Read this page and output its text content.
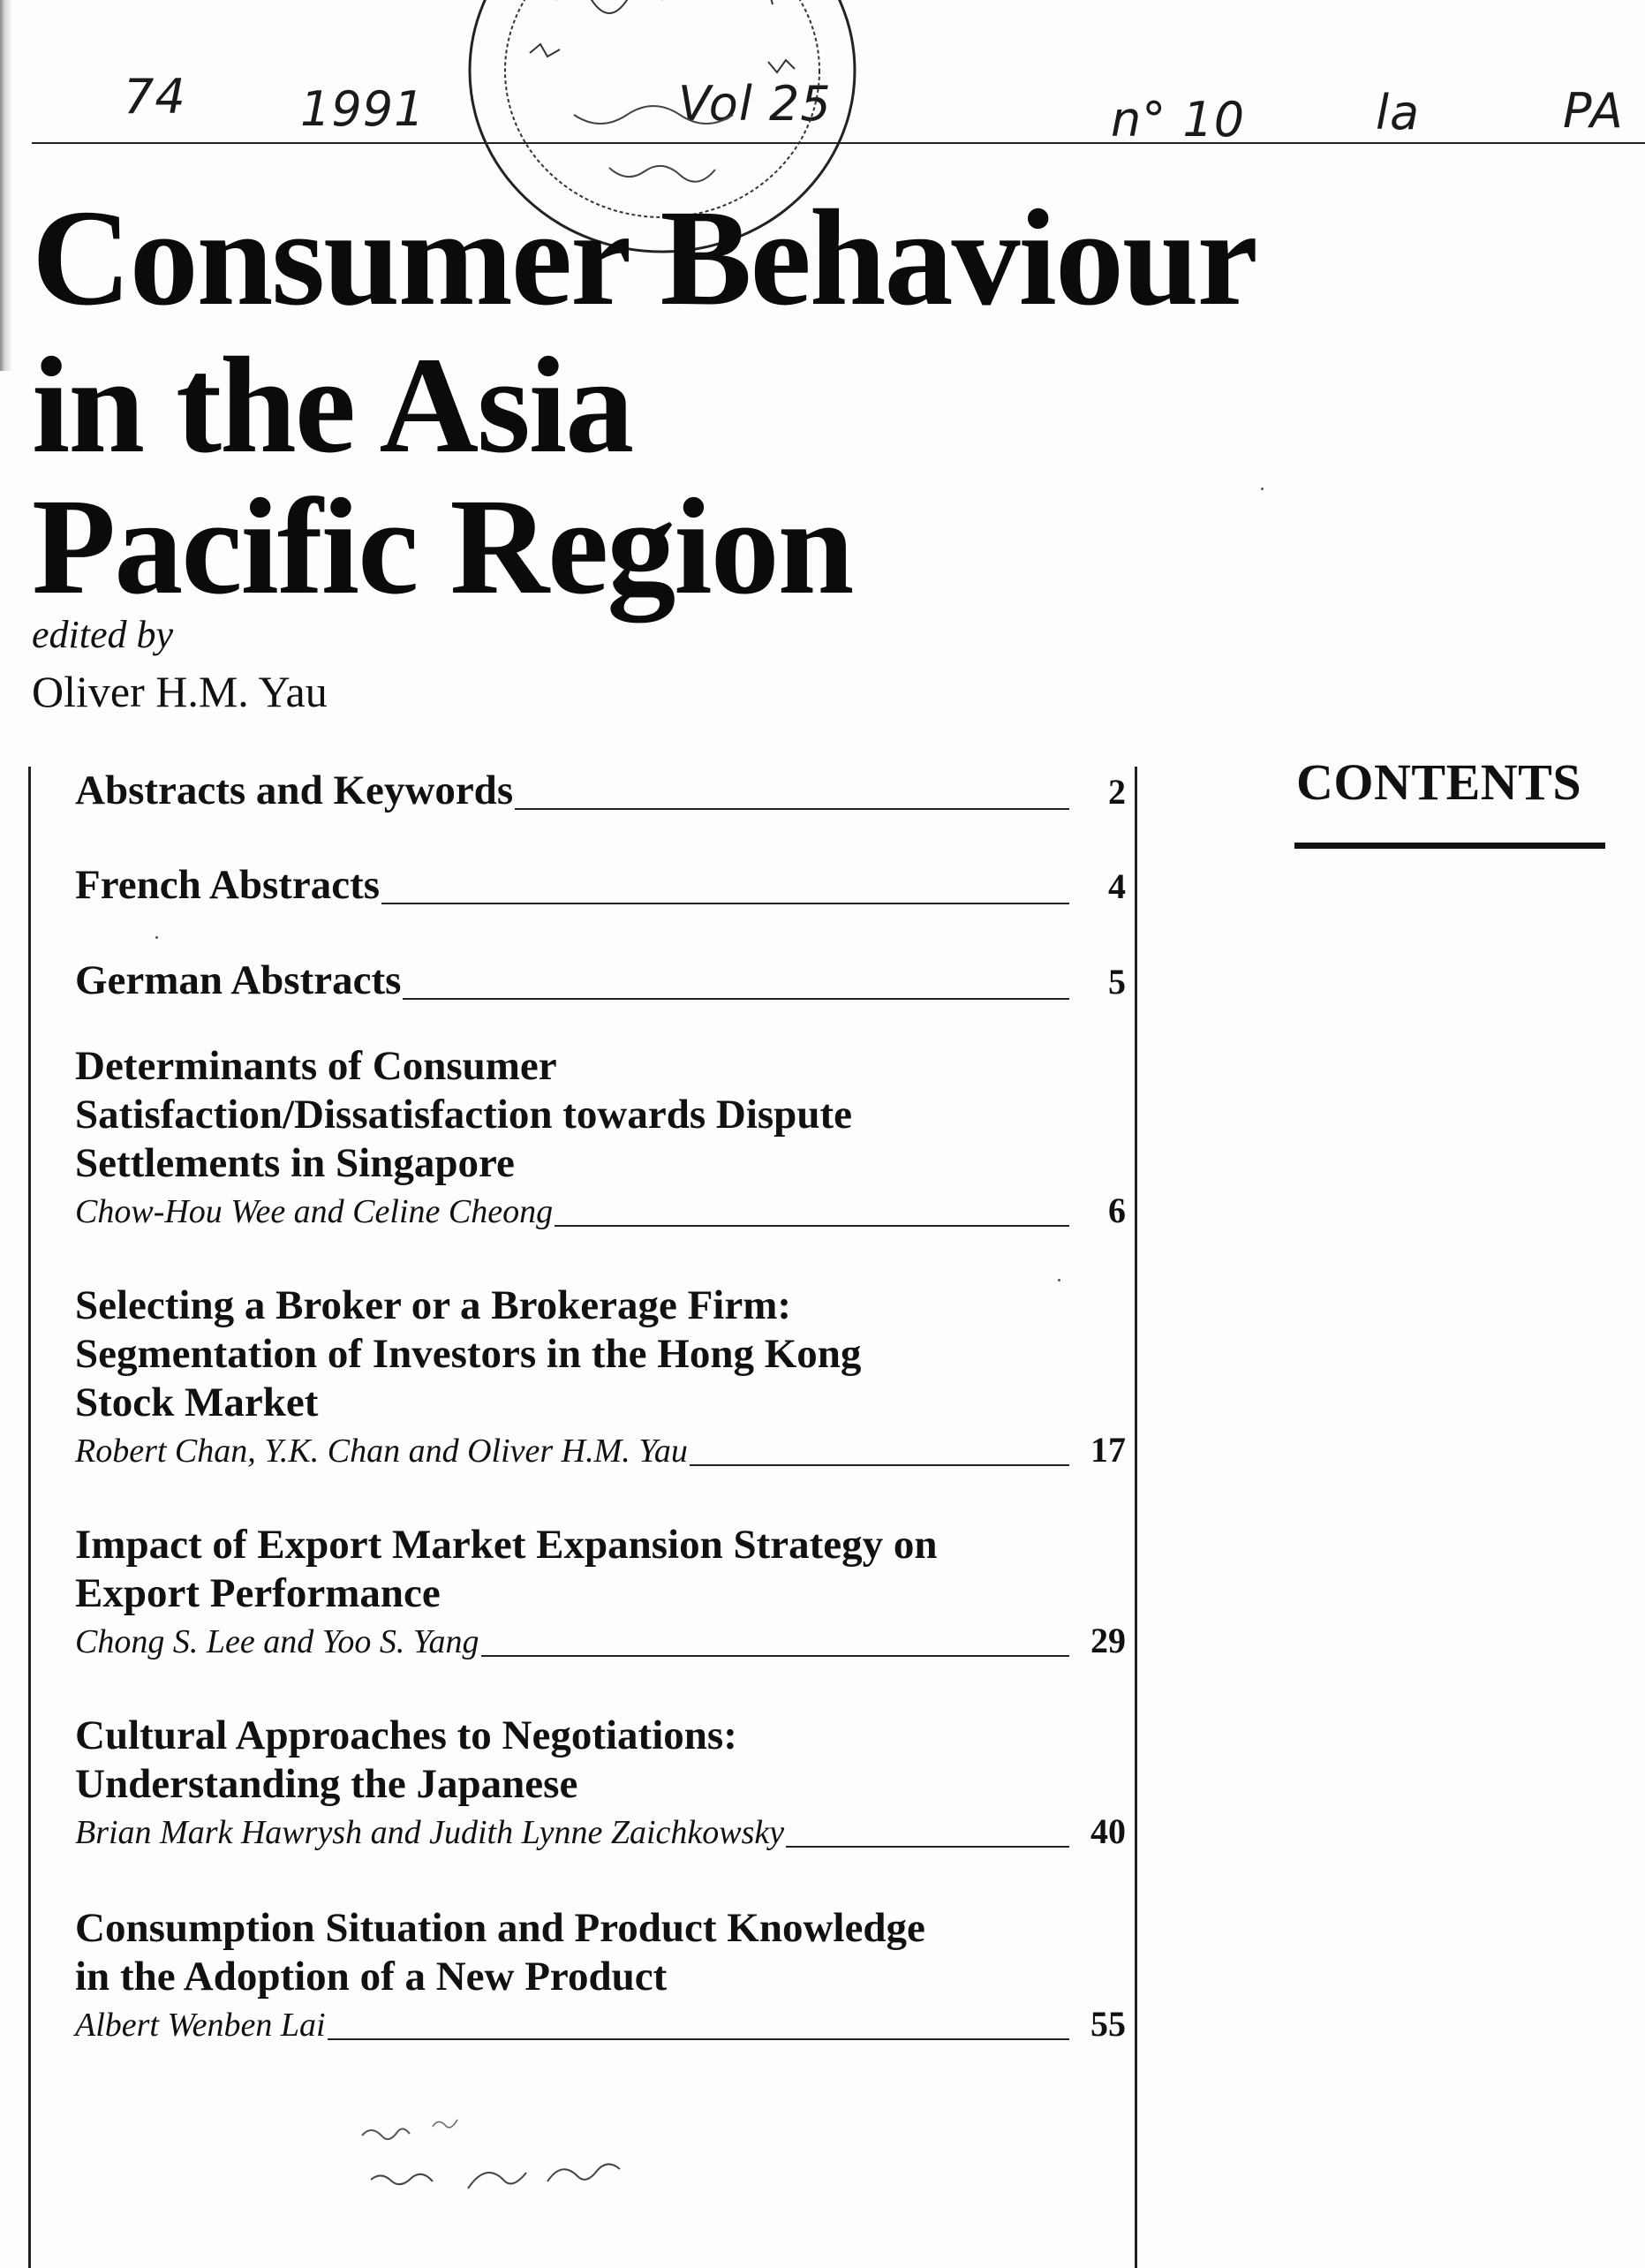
74 1991	Vol 25	n° 10	la	PA
Consumer Behaviour
in the Asia
Pacific Region
edited by
Oliver H.M. Yau
CONTENTS
Abstracts and Keywords	2
French Abstracts	4
German Abstracts	5
Determinants of Consumer
Satisfaction/Dissatisfaction towards Dispute
Settlements in Singapore
Chow-Hou Wee and Celine Cheong	6
Selecting a Broker or a Brokerage Firm:
Segmentation of Investors in the Hong Kong
Stock Market
Robert Chan, Y.K. Chan and Oliver H.M. Yau	17
Impact of Export Market Expansion Strategy on
Export Performance
Chong S. Lee and Yoo S. Yang	29
Cultural Approaches to Negotiations:
Understanding the Japanese
Brian Mark Hawrysh and Judith Lynne Zaichkowsky	40
Consumption Situation and Product Knowledge
in the Adoption of a New Product
Albert Wenben Lai	55
